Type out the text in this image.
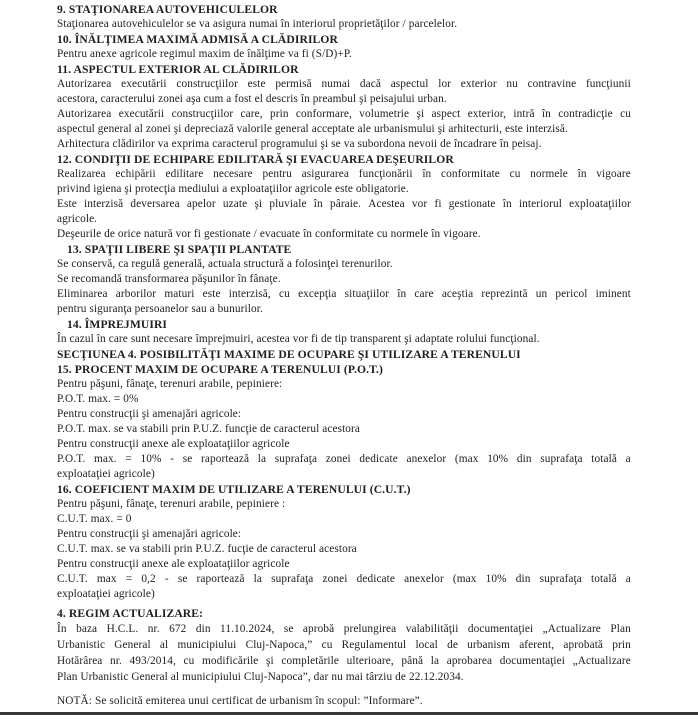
9. STAŢIONAREA AUTOVEHICULELOR
Staţionarea autovehiculelor se va asigura numai în interiorul proprietăţilor / parcelelor.
10. ÎNĂLŢIMEA MAXIMĂ ADMISĂ A CLĂDIRILOR
Pentru anexe agricole regimul maxim de înălţime va fi (S/D)+P.
11. ASPECTUL EXTERIOR AL CLĂDIRILOR
Autorizarea executării construcţiilor este permisă numai dacă aspectul lor exterior nu contravine funcţiunii
acestora, caracterului zonei aşa cum a fost el descris în preambul şi peisajului urban.
Autorizarea executării construcţiilor care, prin conformare, volumetrie şi aspect exterior, intră în contradicţie cu
aspectul general al zonei şi depreciază valorile general acceptate ale urbanismului şi arhitecturii, este interzisă.
Arhitectura clădirilor va exprima caracterul programului şi se va subordona nevoii de încadrare în peisaj.
12. CONDIŢII DE ECHIPARE EDILITARĂ ŞI EVACUAREA DEŞEURILOR
Realizarea echipării edilitare necesare pentru asigurarea funcţionării în conformitate cu normele în vigoare
privind igiena şi protecţia mediului a exploataţiilor agricole este obligatorie.
Este interzisă deversarea apelor uzate şi pluviale în pâraie. Acestea vor fi gestionate în interiorul exploataţiilor
agricole.
Deşeurile de orice natură vor fi gestionate / evacuate în conformitate cu normele în vigoare.
13. SPAŢII LIBERE ŞI SPAŢII PLANTATE
Se conservă, ca regulă generală, actuala structură a folosinţei terenurilor.
Se recomandă transformarea păşunilor în fânaţe.
Eliminarea arborilor maturi este interzisă, cu excepţia situaţiilor în care aceştia reprezintă un pericol iminent
pentru siguranţa persoanelor sau a bunurilor.
14. ÎMPREJMUIRI
În cazul în care sunt necesare împrejmuiri, acestea vor fi de tip transparent şi adaptate rolului funcţional.
SECŢIUNEA 4. POSIBILITĂŢI MAXIME DE OCUPARE ŞI UTILIZARE A TERENULUI
15. PROCENT MAXIM DE OCUPARE A TERENULUI (P.O.T.)
Pentru păşuni, fânaţe, terenuri arabile, pepiniere:
P.O.T. max. = 0%
Pentru construcţii şi amenajări agricole:
P.O.T. max. se va stabili prin P.U.Z. funcţie de caracterul acestora
Pentru construcţii anexe ale exploataţiilor agricole
P.O.T. max. = 10% - se raportează la suprafaţa zonei dedicate anexelor (max 10% din suprafaţa totală a
exploataţiei agricole)
16. COEFICIENT MAXIM DE UTILIZARE A TERENULUI (C.U.T.)
Pentru păşuni, fânaţe, terenuri arabile, pepiniere :
C.U.T. max. = 0
Pentru construcţii şi amenajări agricole:
C.U.T. max. se va stabili prin P.U.Z. fucţie de caracterul acestora
Pentru construcţii anexe ale exploataţiilor agricole
C.U.T. max = 0,2 - se raportează la suprafaţa zonei dedicate anexelor (max 10% din suprafaţa totală a
exploataţiei agricole)
4. REGIM ACTUALIZARE:
În baza H.C.L. nr. 672 din 11.10.2024, se aprobă prelungirea valabilităţii documentaţiei „Actualizare Plan
Urbanistic General al municipiului Cluj-Napoca,” cu Regulamentul local de urbanism aferent, aprobată prin
Hotărârea nr. 493/2014, cu modificările şi completările ulterioare, până la aprobarea documentaţiei „Actualizare
Plan Urbanistic General al municipiului Cluj-Napoca”, dar nu mai târziu de 22.12.2034.
NOTĂ: Se solicită emiterea unui certificat de urbanism în scopul: ”Informare”.
